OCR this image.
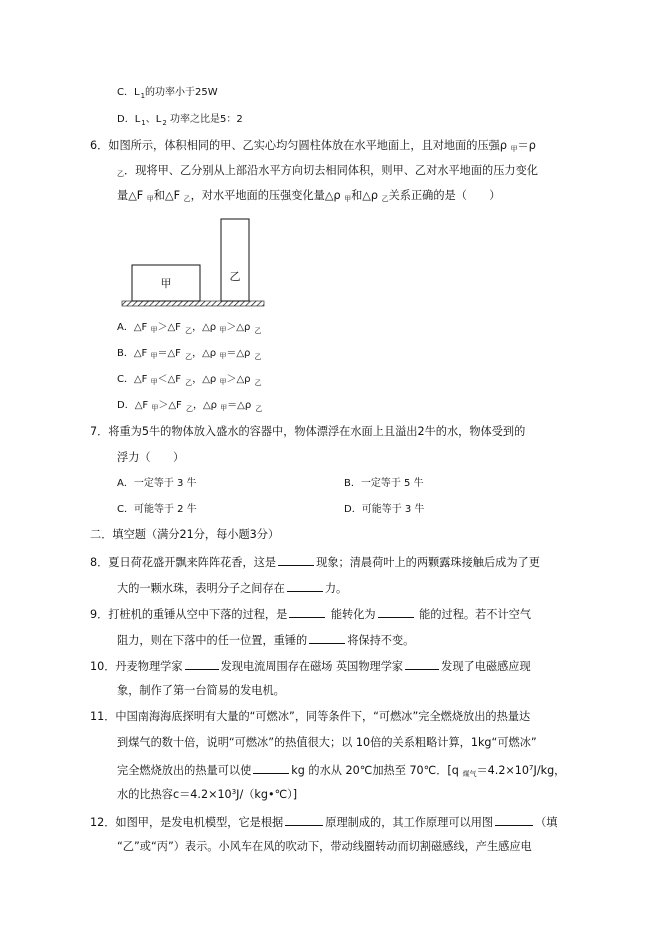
C．$L_1$的功率小于25W
D．$L_1$、$L_2$ 功率之比是5：2
6．如图所示，体积相同的甲、乙实心均匀圆柱体放在水平地面上，且对地面的压强ρ 甲＝ρ
乙．现将甲、乙分别从上部沿水平方向切去相同体积，则甲、乙对水平地面的压力变化
量△F 甲和△F 乙，对水平地面的压强变化量△ρ 甲和△ρ 乙关系正确的是（　　）
甲
乙
A．△F $_甲$＞△F $_乙$，△ρ $_甲$＞△ρ $_乙$
B．△F $_甲$＝△F $_乙$，△ρ $_甲$＝△ρ $_乙$
C．△F $_甲$＜△F $_乙$，△ρ $_甲$＞△ρ $_乙$
D．△F $_甲$＞△F $_乙$，△ρ $_甲$＝△ρ $_乙$
7．将重为5牛的物体放入盛水的容器中，物体漂浮在水面上且溢出2牛的水，物体受到的
浮力（　　）
A．一定等于 3 牛	B．一定等于 5 牛
C．可能等于 2 牛	D．可能等于 3 牛
二．填空题（满分21分，每小题3分）
8．夏日荷花盛开飘来阵阵花香，这是	现象；清晨荷叶上的两颗露珠接触后成为了更
大的一颗水珠，表明分子之间存在	力。
9．打桩机的重锤从空中下落的过程，是	能转化为	能的过程。若不计空气
阻力，则在下落中的任一位置，重锤的	将保持不变。
10．丹麦物理学家	发现电流周围存在磁场 英国物理学家	发现了电磁感应现
象，制作了第一台简易的发电机。
11．中国南海海底探明有大量的“可燃冰”，同等条件下，“可燃冰”完全燃烧放出的热量达
到煤气的数十倍，说明“可燃冰”的热值很大；以 10倍的关系粗略计算，1kg“可燃冰”
完全燃烧放出的热量可以使	kg 的水从 20℃加热至 70℃．[q 煤气$=4.2\times 10^7J/kg$，
水的比热容$c=4.2\times 10^3J/(kg•℃)$]
12．如图甲，是发电机模型，它是根据	原理制成的，其工作原理可以用图	（填
“乙”或“丙”）表示。小风车在风的吹动下，带动线圈转动而切割磁感线，产生感应电
